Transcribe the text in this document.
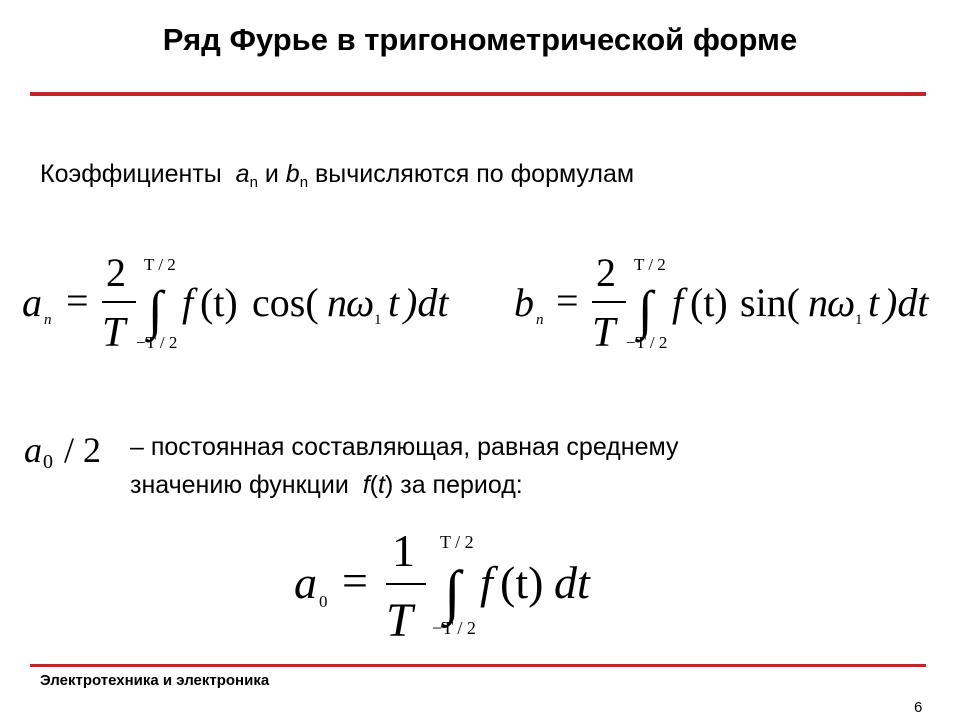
Ряд Фурье в тригонометрической форме
Коэффициенты $a_n$ и $b_n$ вычисляются по формулам
a n =
2
T
T / 2
∫
−T / 2
f (t) cos( n ω 1 t )dt b n =
2
T
T / 2
∫
−T / 2
f (t) sin( n ω 1 t )dt
a 0 / 2 – постоянная составляющая, равная среднему
значению функции f(t) за период:
a 0 =
1
T
T / 2
∫
−T / 2
f (t) dt
Электротехника и электроника
6
